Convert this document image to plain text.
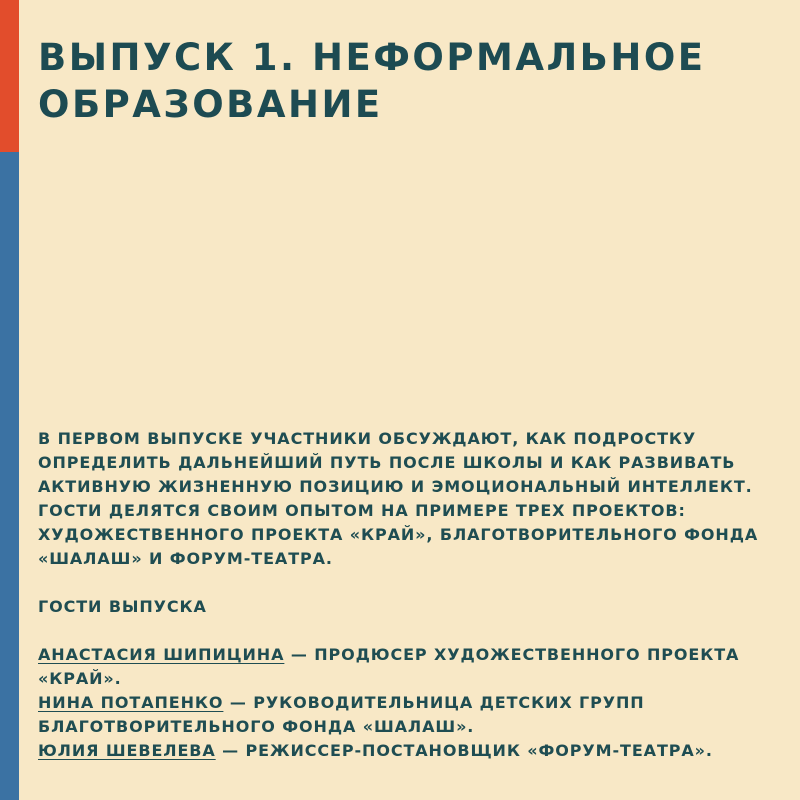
ВЫПУСК 1. НЕФОРМАЛЬНОЕ
ОБРАЗОВАНИЕ

В ПЕРВОМ ВЫПУСКЕ УЧАСТНИКИ ОБСУЖДАЮТ, КАК ПОДРОСТКУ
ОПРЕДЕЛИТЬ ДАЛЬНЕЙШИЙ ПУТЬ ПОСЛЕ ШКОЛЫ И КАК РАЗВИВАТЬ
АКТИВНУЮ ЖИЗНЕННУЮ ПОЗИЦИЮ И ЭМОЦИОНАЛЬНЫЙ ИНТЕЛЛЕКТ.
ГОСТИ ДЕЛЯТСЯ СВОИМ ОПЫТОМ НА ПРИМЕРЕ ТРЕХ ПРОЕКТОВ:
ХУДОЖЕСТВЕННОГО ПРОЕКТА «КРАЙ», БЛАГОТВОРИТЕЛЬНОГО ФОНДА
«ШАЛАШ» И ФОРУМ-ТЕАТРА.

ГОСТИ ВЫПУСКА

АНАСТАСИЯ ШИПИЦИНА — ПРОДЮСЕР ХУДОЖЕСТВЕННОГО ПРОЕКТА
«КРАЙ».
НИНА ПОТАПЕНКО — РУКОВОДИТЕЛЬНИЦА ДЕТСКИХ ГРУПП
БЛАГОТВОРИТЕЛЬНОГО ФОНДА «ШАЛАШ».
ЮЛИЯ ШЕВЕЛЕВА — РЕЖИССЕР-ПОСТАНОВЩИК «ФОРУМ-ТЕАТРА».
